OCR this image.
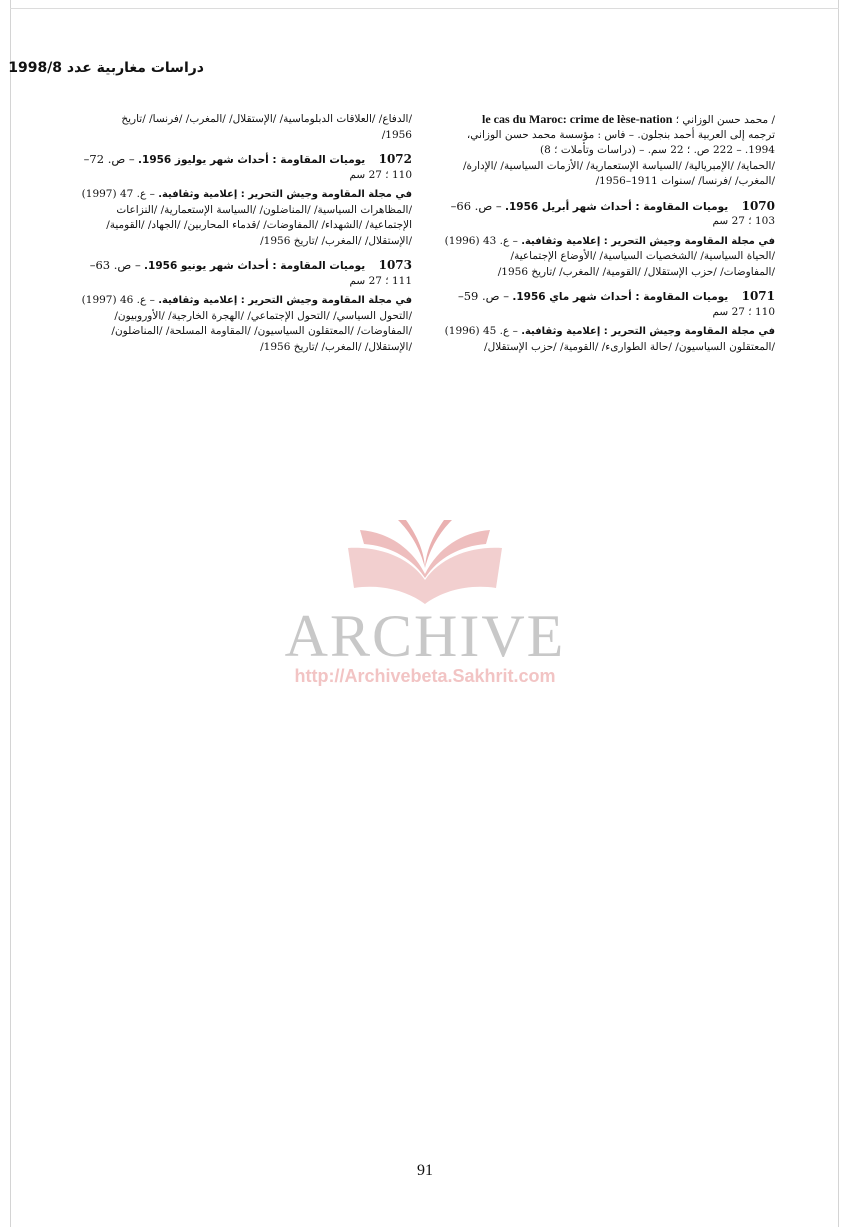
دراسات مغاربية عدد 1998/8
/ محمد حسن الوزاني ؛ le cas du Maroc: crime de lèse-nation
ترجمه إلى العربية أحمد بنجلون. – فاس : مؤسسة محمد حسن الوزاني،
1994. – 222 ص. ؛ 22 سم. – (دراسات وتأملات ؛ 8)
/الحماية/ /الإمبريالية/ /السياسة الإستعمارية/ /الأزمات السياسية/ /الإدارة/
/المغرب/ /فرنسا/ /سنوات 1911–1956/
1070    يوميات المقاومة : أحداث شهر أبريل 1956. – ص. 66–
103 ؛ 27 سم
في مجلة المقاومة وجيش التحرير : إعلامية وثقافية. – ع. 43 (1996)
/الحياة السياسية/ /الشخصيات السياسية/ /الأوضاع الإجتماعية/
/المفاوضات/ /حزب الإستقلال/ /القومية/ /المغرب/ /تاريخ 1956/
1071    يوميات المقاومة : أحداث شهر ماي 1956. – ص. 59–
110 ؛ 27 سم
في مجلة المقاومة وجيش التحرير : إعلامية وثقافية. – ع. 45 (1996)
/المعتقلون السياسيون/ /حالة الطوارىء/ /القومية/ /حزب الإستقلال/
/الدفاع/ /العلاقات الدبلوماسية/ /الإستقلال/ /المغرب/ /فرنسا/ /تاريخ
1956/
1072    يوميات المقاومة : أحداث شهر يوليوز 1956. – ص. 72–
110 ؛ 27 سم
في مجلة المقاومة وجيش التحرير : إعلامية وثقافية. – ع. 47 (1997)
/المظاهرات السياسية/ /المناضلون/ /السياسة الإستعمارية/ /النزاعات
الإجتماعية/ /الشهداء/ /المفاوضات/ /قدماء المحاربين/ /الجهاد/ /القومية/
/الإستقلال/ /المغرب/ /تاريخ 1956/
1073    يوميات المقاومة : أحداث شهر يونيو 1956. – ص. 63–
111 ؛ 27 سم
في مجلة المقاومة وجيش التحرير : إعلامية وثقافية. – ع. 46 (1997)
/التحول السياسي/ /التحول الإجتماعي/ /الهجرة الخارجية/ /الأوروبيون/
/المفاوضات/ /المعتقلون السياسيون/ /المقاومة المسلحة/ /المناضلون/
/الإستقلال/ /المغرب/ /تاريخ 1956/
ARCHIVE
http://Archivebeta.Sakhrit.com
91
